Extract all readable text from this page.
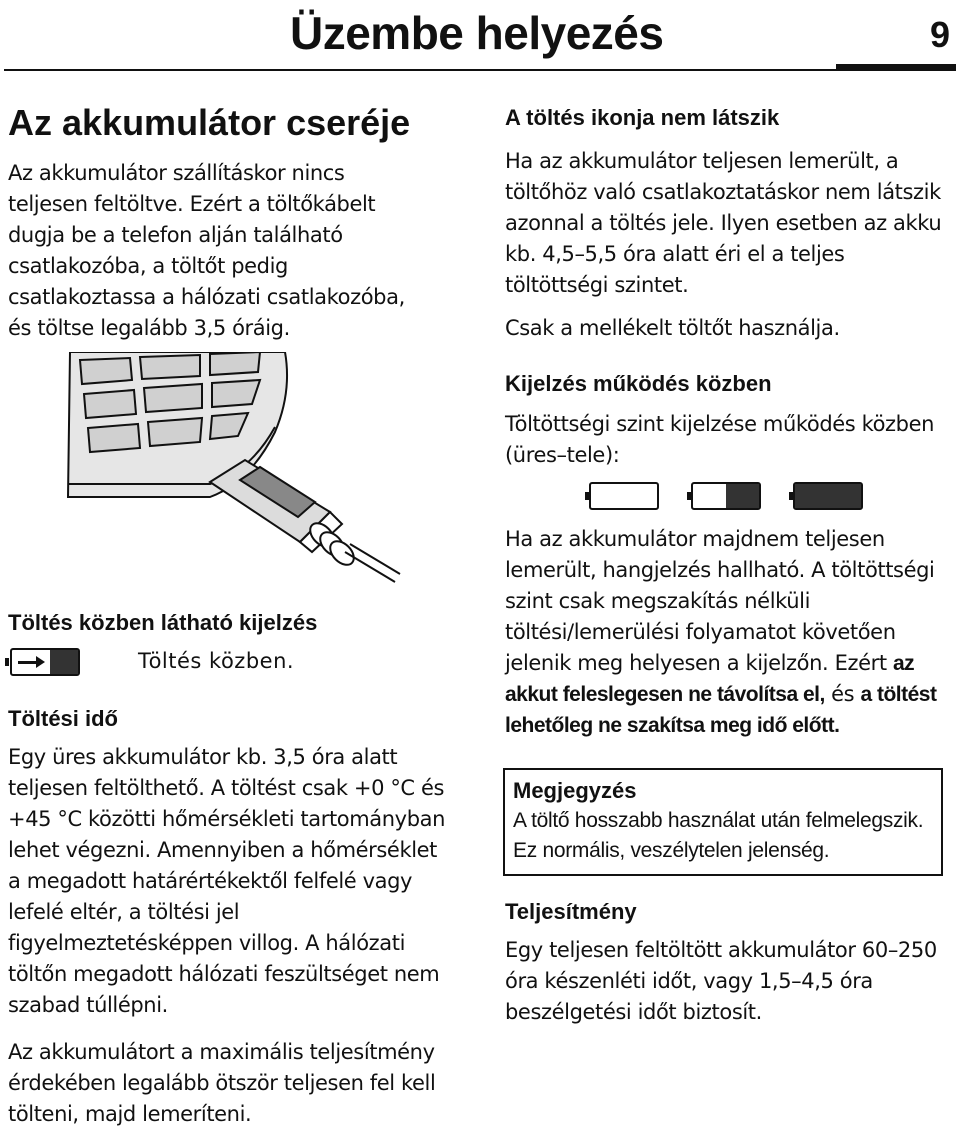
Üzembe helyezés	9
Az akkumulátor cseréje

Az akkumulátor szállításkor nincs teljesen feltöltve. Ezért a töltőkábelt dugja be a telefon alján található csatlakozóba, a töltőt pedig csatlakoztassa a hálózati csatlakozóba, és töltse legalább 3,5 óráig.

Töltés közben látható kijelzés

Töltés közben.

Töltési idő

Egy üres akkumulátor kb. 3,5 óra alatt teljesen feltölthető. A töltést csak +0 °C és +45 °C közötti hőmérsékleti tartományban lehet végezni. Amennyiben a hőmérséklet a megadott határértékektől felfelé vagy lefelé eltér, a töltési jel figyelmeztetésképpen villog. A hálózati töltőn megadott hálózati feszültséget nem szabad túllépni.

Az akkumulátort a maximális teljesítmény érdekében legalább ötször teljesen fel kell tölteni, majd lemeríteni.

A töltés ikonja nem látszik

Ha az akkumulátor teljesen lemerült, a töltőhöz való csatlakoztatáskor nem látszik azonnal a töltés jele. Ilyen esetben az akku kb. 4,5–5,5 óra alatt éri el a teljes töltöttségi szintet.

Csak a mellékelt töltőt használja.

Kijelzés működés közben

Töltöttségi szint kijelzése működés közben (üres–tele):

Ha az akkumulátor majdnem teljesen lemerült, hangjelzés hallható. A töltöttségi szint csak megszakítás nélküli töltési/lemerülési folyamatot követően jelenik meg helyesen a kijelzőn. Ezért az akkut feleslegesen ne távolítsa el, és a töltést lehetőleg ne szakítsa meg idő előtt.

Megjegyzés
A töltő hosszabb használat után felmelegszik. Ez normális, veszélytelen jelenség.
Teljesítmény

Egy teljesen feltöltött akkumulátor 60–250 óra készenléti időt, vagy 1,5–4,5 óra beszélgetési időt biztosít.
